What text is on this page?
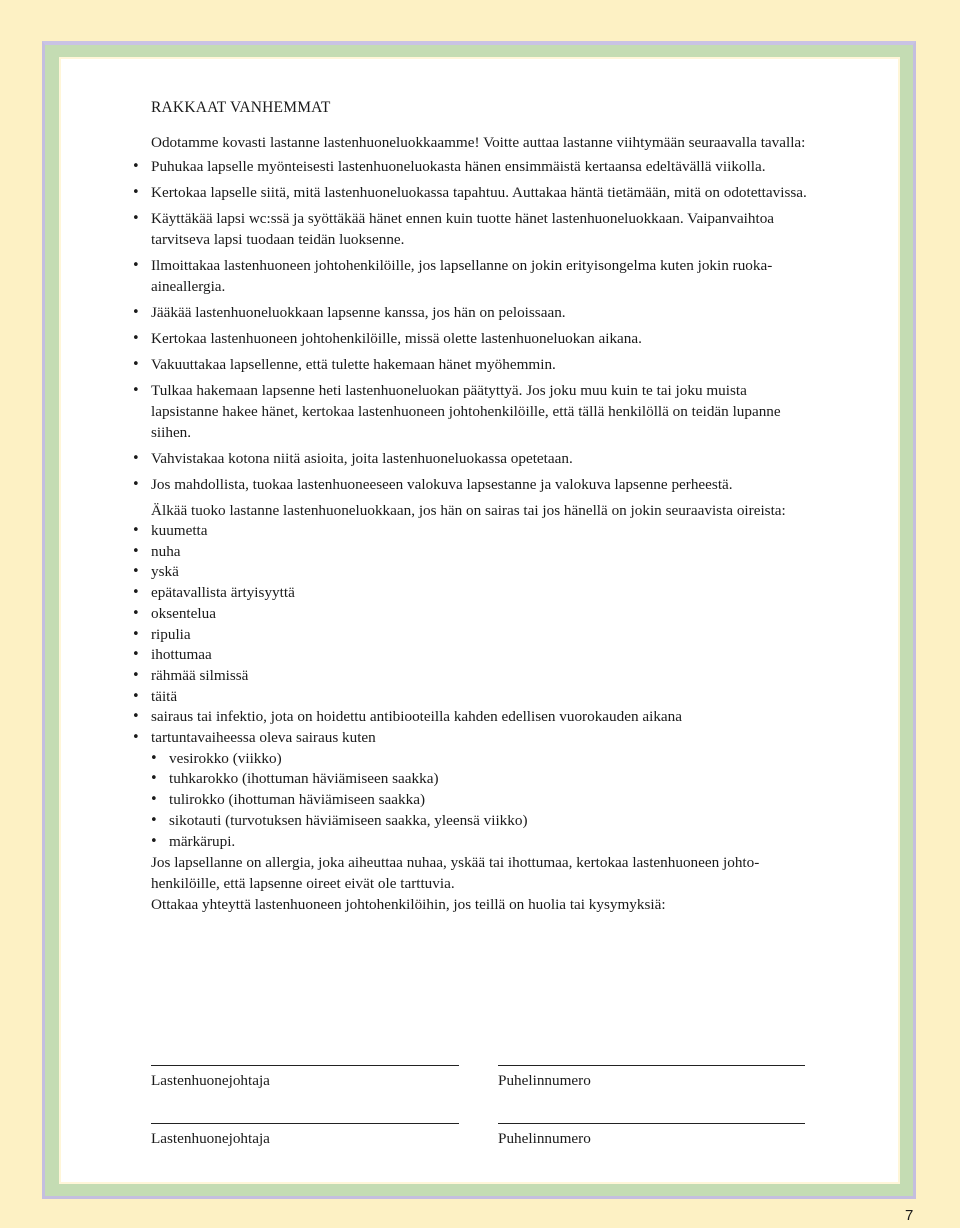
RAKKAAT VANHEMMAT

Odotamme kovasti lastanne lastenhuoneluokkaamme! Voitte auttaa lastanne viihtymään seuraavalla tavalla:

• Puhukaa lapselle myönteisesti lastenhuoneluokasta hänen ensimmäistä kertaansa edeltävällä viikolla.
• Kertokaa lapselle siitä, mitä lastenhuoneluokassa tapahtuu. Auttakaa häntä tietämään, mitä on odotettavissa.
• Käyttäkää lapsi wc:ssä ja syöttäkää hänet ennen kuin tuotte hänet lastenhuoneluokkaan. Vaipanvaihtoa tarvitseva lapsi tuodaan teidän luoksenne.
• Ilmoittakaa lastenhuoneen johtohenkilöille, jos lapsellanne on jokin erityisongelma kuten jokin ruoka-aineallergia.
• Jääkää lastenhuoneluokkaan lapsenne kanssa, jos hän on peloissaan.
• Kertokaa lastenhuoneen johtohenkilöille, missä olette lastenhuoneluokan aikana.
• Vakuuttakaa lapsellenne, että tulette hakemaan hänet myöhemmin.
• Tulkaa hakemaan lapsenne heti lastenhuoneluokan päätyttyä. Jos joku muu kuin te tai joku muista lapsistanne hakee hänet, kertokaa lastenhuoneen johtohenkilöille, että tällä henkilöllä on teidän lupanne siihen.
• Vahvistakaa kotona niitä asioita, joita lastenhuoneluokassa opetetaan.
• Jos mahdollista, tuokaa lastenhuoneeseen valokuva lapsestanne ja valokuva lapsenne perheestä.

Älkää tuoko lastanne lastenhuoneluokkaan, jos hän on sairas tai jos hänellä on jokin seuraavista oireista:

• kuumetta
• nuha
• yskä
• epätavallista ärtyisyyttä
• oksentelua
• ripulia
• ihottumaa
• rähmää silmissä
• täitä
• sairaus tai infektio, jota on hoidettu antibiooteilla kahden edellisen vuorokauden aikana
• tartuntavaiheessa oleva sairaus kuten
• vesirokko (viikko)
• tuhkarokko (ihottuman häviämiseen saakka)
• tulirokko (ihottuman häviämiseen saakka)
• sikotauti (turvotuksen häviämiseen saakka, yleensä viikko)
• märkärupi.

Jos lapsellanne on allergia, joka aiheuttaa nuhaa, yskää tai ihottumaa, kertokaa lastenhuoneen johtohenkilöille, että lapsenne oireet eivät ole tarttuvia.

Ottakaa yhteyttä lastenhuoneen johtohenkilöihin, jos teillä on huolia tai kysymyksiä:

Lastenhuonejohtaja	Puhelinnumero
Lastenhuonejohtaja	Puhelinnumero
7
